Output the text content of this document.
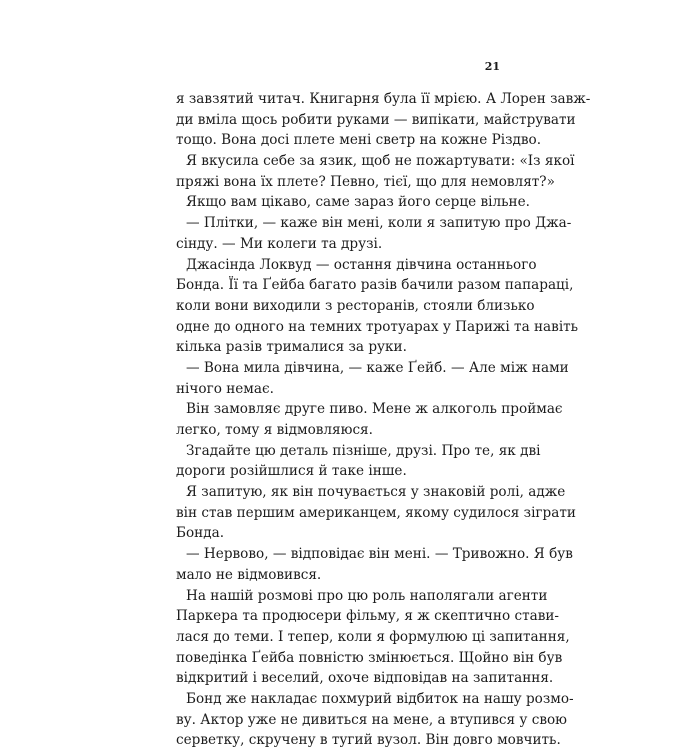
21
я завзятий читач. Книгарня була її мрією. А Лорен завж-
ди вміла щось робити руками — випікати, майструвати
тощо. Вона досі плете мені светр на кожне Різдво.
Я вкусила себе за язик, щоб не пожартувати: «Із якої
пряжі вона їх плете? Певно, тієї, що для немовлят?»
Якщо вам цікаво, саме зараз його серце вільне.
— Плітки, — каже він мені, коли я запитую про Джа-
сінду. — Ми колеги та друзі.
Джасінда Локвуд — остання дівчина останнього
Бонда. Її та Ґейба багато разів бачили разом папараці,
коли вони виходили з ресторанів, стояли близько
одне до одного на темних тротуарах у Парижі та навіть
кілька разів трималися за руки.
— Вона мила дівчина, — каже Ґейб. — Але між нами
нічого немає.
Він замовляє друге пиво. Мене ж алкоголь проймає
легко, тому я відмовляюся.
Згадайте цю деталь пізніше, друзі. Про те, як дві
дороги розійшлися й таке інше.
Я запитую, як він почувається у знаковій ролі, адже
він став першим американцем, якому судилося зіграти
Бонда.
— Нервово, — відповідає він мені. — Тривожно. Я був
мало не відмовився.
На нашій розмові про цю роль наполягали агенти
Паркера та продюсери фільму, я ж скептично стави-
лася до теми. І тепер, коли я формулюю ці запитання,
поведінка Ґейба повністю змінюється. Щойно він був
відкритий і веселий, охоче відповідав на запитання.
Бонд же накладає похмурий відбиток на нашу розмо-
ву. Актор уже не дивиться на мене, а втупився у свою
серветку, скручену в тугий вузол. Він довго мовчить.
